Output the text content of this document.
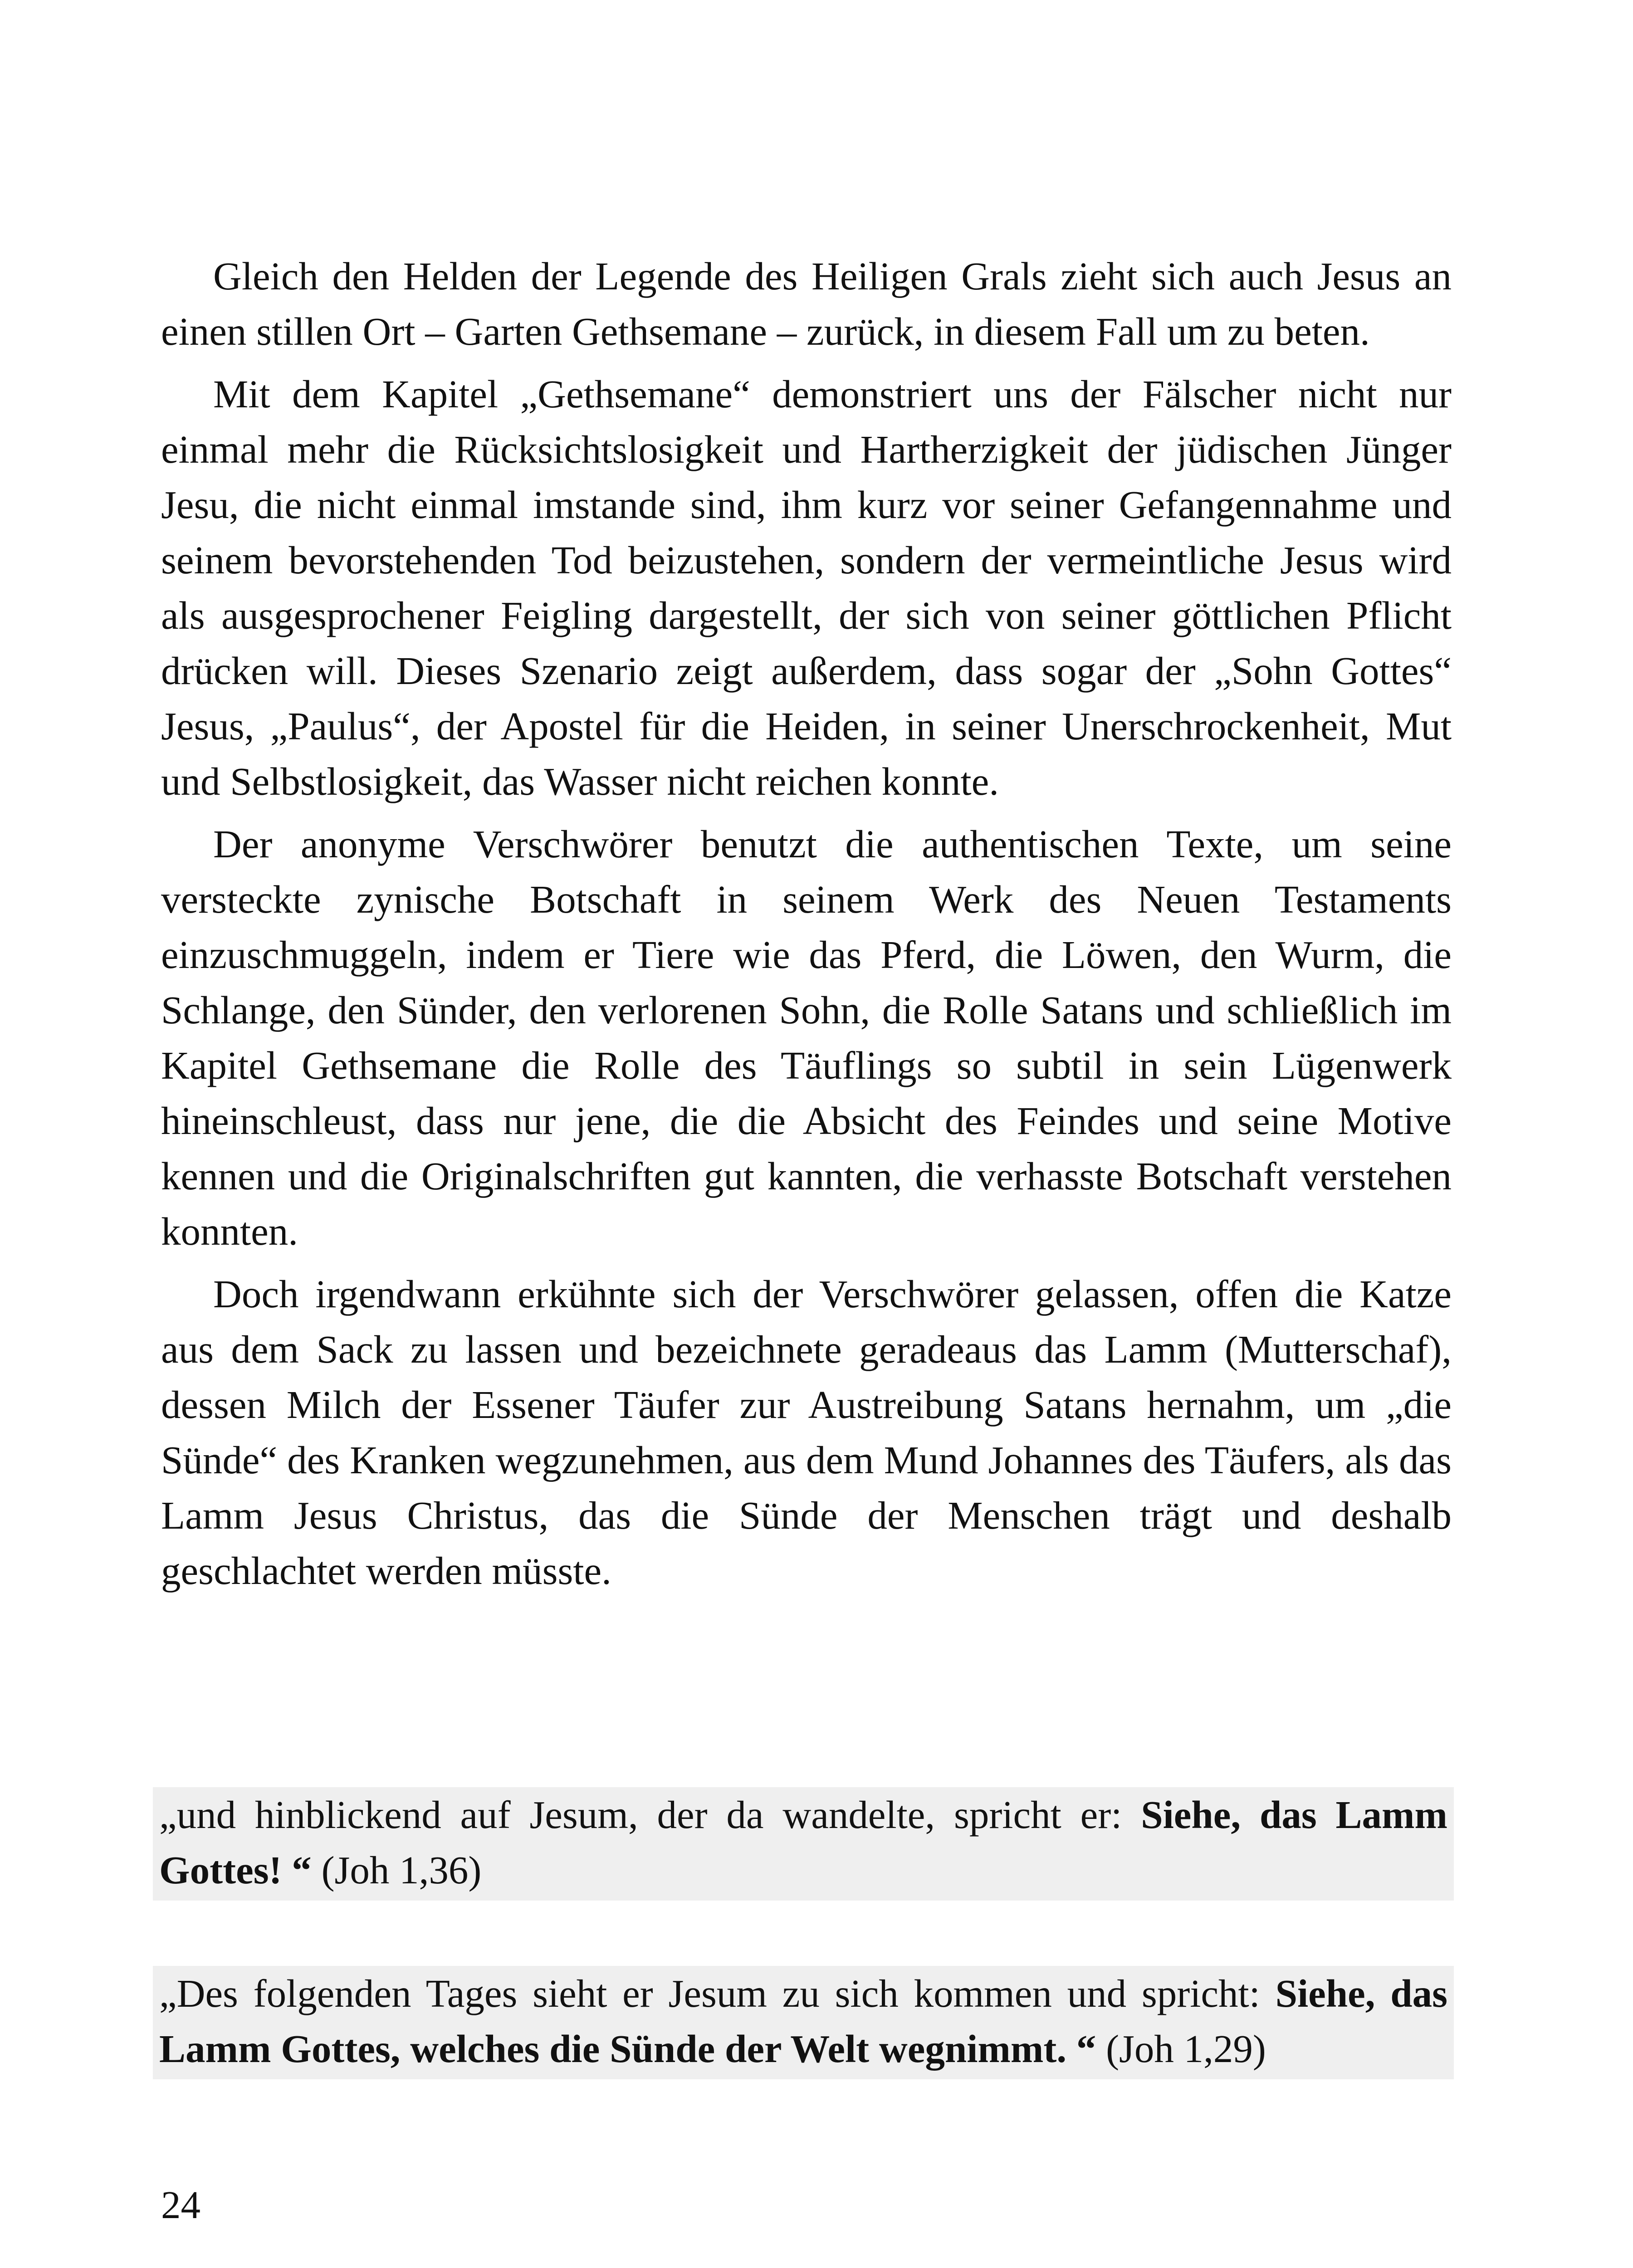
Gleich den Helden der Legende des Heiligen Grals zieht sich auch Jesus an einen stillen Ort – Garten Gethsemane – zurück, in diesem Fall um zu beten.

Mit dem Kapitel „Gethsemane“ demonstriert uns der Fälscher nicht nur einmal mehr die Rücksichtslosigkeit und Hartherzigkeit der jüdischen Jünger Jesu, die nicht einmal imstande sind, ihm kurz vor seiner Gefangennahme und seinem bevorstehenden Tod beizustehen, sondern der vermeintliche Jesus wird als ausgesprochener Feigling dargestellt, der sich von seiner göttlichen Pflicht drücken will. Dieses Szenario zeigt außerdem, dass sogar der „Sohn Gottes“ Jesus, „Paulus“, der Apostel für die Heiden, in seiner Unerschrockenheit, Mut und Selbstlosigkeit, das Wasser nicht reichen konnte.

Der anonyme Verschwörer benutzt die authentischen Texte, um seine versteckte zynische Botschaft in seinem Werk des Neuen Testaments einzuschmuggeln, indem er Tiere wie das Pferd, die Löwen, den Wurm, die Schlange, den Sünder, den verlorenen Sohn, die Rolle Satans und schließlich im Kapitel Gethsemane die Rolle des Täuflings so subtil in sein Lügenwerk hineinschleust, dass nur jene, die die Absicht des Feindes und seine Motive kennen und die Originalschriften gut kannten, die verhasste Botschaft verstehen konnten.

Doch irgendwann erkühnte sich der Verschwörer gelassen, offen die Katze aus dem Sack zu lassen und bezeichnete geradeaus das Lamm (Mutterschaf), dessen Milch der Essener Täufer zur Austreibung Satans hernahm, um „die Sünde“ des Kranken wegzunehmen, aus dem Mund Johannes des Täufers, als das Lamm Jesus Christus, das die Sünde der Menschen trägt und deshalb geschlachtet werden müsste.

„und hinblickend auf Jesum, der da wandelte, spricht er: Siehe, das Lamm Gottes! “ (Joh 1,36)
„Des folgenden Tages sieht er Jesum zu sich kommen und spricht: Siehe, das Lamm Gottes, welches die Sünde der Welt wegnimmt. “ (Joh 1,29)
24
